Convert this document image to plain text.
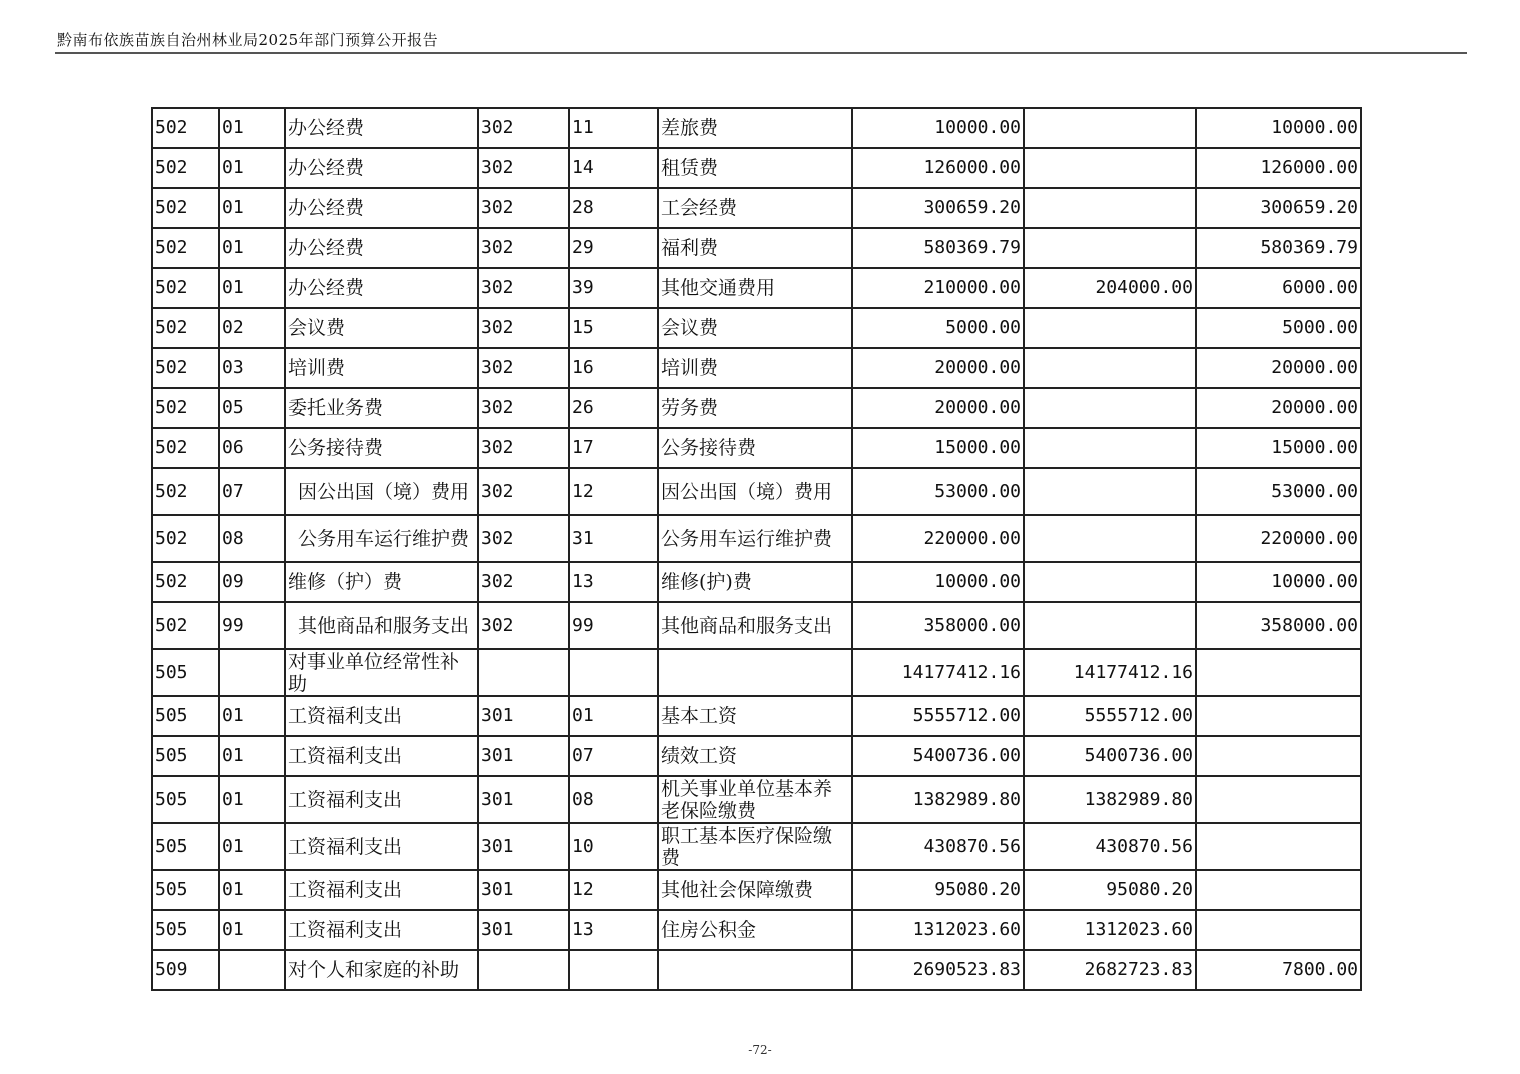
黔南布依族苗族自治州林业局2025年部门预算公开报告
502	01	办公经费	302	11	差旅费	10000.00		10000.00
502	01	办公经费	302	14	租赁费	126000.00		126000.00
502	01	办公经费	302	28	工会经费	300659.20		300659.20
502	01	办公经费	302	29	福利费	580369.79		580369.79
502	01	办公经费	302	39	其他交通费用	210000.00	204000.00	6000.00
502	02	会议费	302	15	会议费	5000.00		5000.00
502	03	培训费	302	16	培训费	20000.00		20000.00
502	05	委托业务费	302	26	劳务费	20000.00		20000.00
502	06	公务接待费	302	17	公务接待费	15000.00		15000.00
502	07	因公出国（境）费用	302	12	因公出国（境）费用	53000.00		53000.00
502	08	公务用车运行维护费	302	31	公务用车运行维护费	220000.00		220000.00
502	09	维修（护）费	302	13	维修(护)费	10000.00		10000.00
502	99	其他商品和服务支出	302	99	其他商品和服务支出	358000.00		358000.00
505		对事业单位经常性补助				14177412.16	14177412.16	
505	01	工资福利支出	301	01	基本工资	5555712.00	5555712.00	
505	01	工资福利支出	301	07	绩效工资	5400736.00	5400736.00	
505	01	工资福利支出	301	08	机关事业单位基本养老保险缴费	1382989.80	1382989.80	
505	01	工资福利支出	301	10	职工基本医疗保险缴费	430870.56	430870.56	
505	01	工资福利支出	301	12	其他社会保障缴费	95080.20	95080.20	
505	01	工资福利支出	301	13	住房公积金	1312023.60	1312023.60	
509		对个人和家庭的补助				2690523.83	2682723.83	7800.00
-72-
